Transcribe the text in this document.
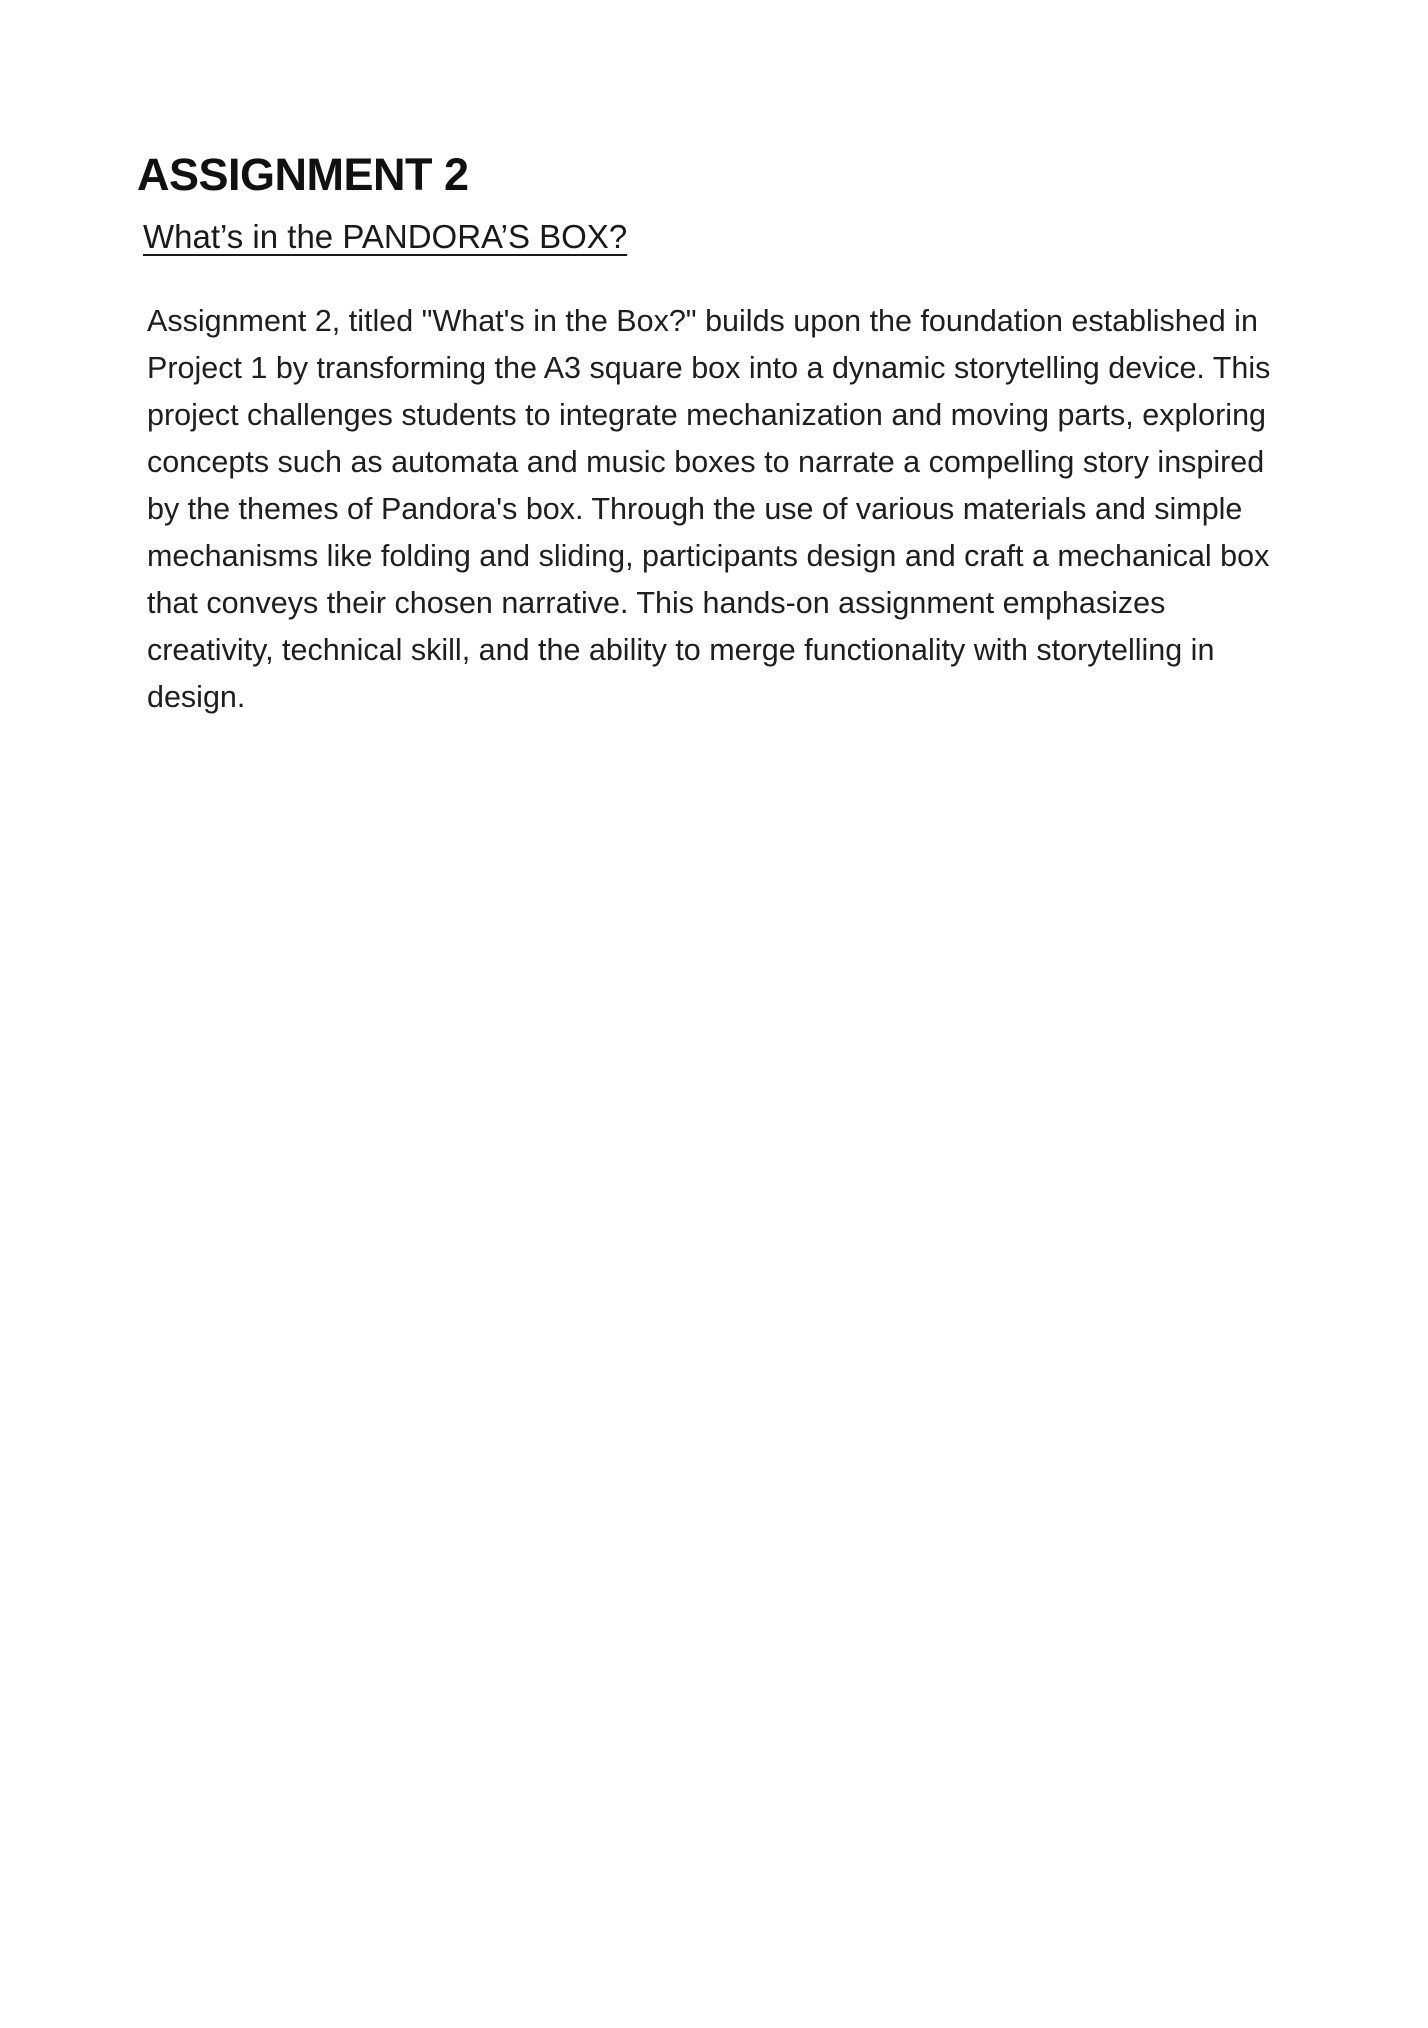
ASSIGNMENT 2
What’s in the PANDORA’S BOX?

Assignment 2, titled "What's in the Box?" builds upon the foundation established in Project 1 by transforming the A3 square box into a dynamic storytelling device. This project challenges students to integrate mechanization and moving parts, exploring concepts such as automata and music boxes to narrate a compelling story inspired by the themes of Pandora's box. Through the use of various materials and simple mechanisms like folding and sliding, participants design and craft a mechanical box that conveys their chosen narrative. This hands-on assignment emphasizes creativity, technical skill, and the ability to merge functionality with storytelling in design.
